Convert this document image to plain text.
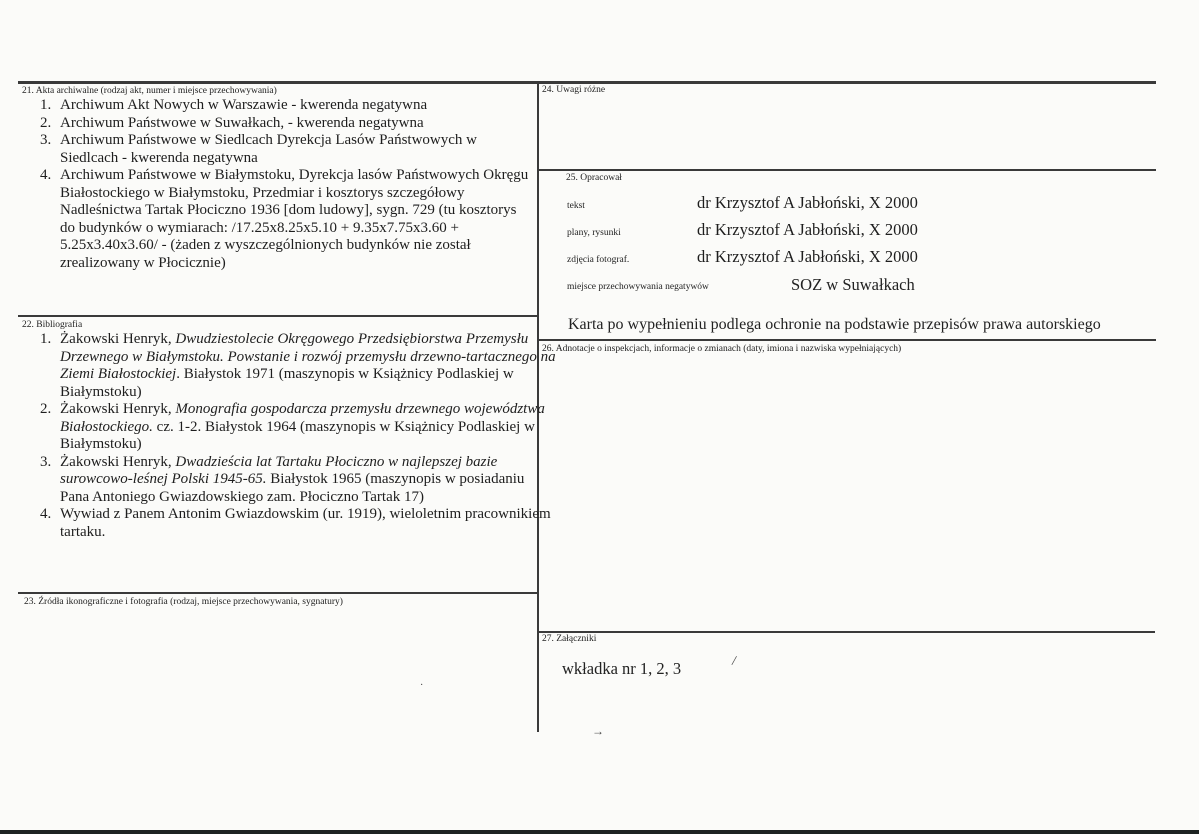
21. Akta archiwalne (rodzaj akt, numer i miejsce przechowywania)
1. Archiwum Akt Nowych w Warszawie - kwerenda negatywna
2. Archiwum Państwowe w Suwałkach, - kwerenda negatywna
3. Archiwum Państwowe w Siedlcach Dyrekcja Lasów Państwowych w Siedlcach - kwerenda negatywna
4. Archiwum Państwowe w Białymstoku, Dyrekcja lasów Państwowych Okręgu Białostockiego w Białymstoku, Przedmiar i kosztorys szczegółowy Nadleśnictwa Tartak Płociczno 1936 [dom ludowy], sygn. 729 (tu kosztorys do budynków o wymiarach: /17.25x8.25x5.10 + 9.35x7.75x3.60 + 5.25x3.40x3.60/ - (żaden z wyszczególnionych budynków nie został zrealizowany w Płocicznie)
22. Bibliografia
1. Żakowski Henryk, Dwudziestolecie Okręgowego Przedsiębiorstwa Przemysłu Drzewnego w Białymstoku. Powstanie i rozwój przemysłu drzewno-tartacznego na Ziemi Białostockiej. Białystok 1971 (maszynopis w Książnicy Podlaskiej w Białymstoku)
2. Żakowski Henryk, Monografia gospodarcza przemysłu drzewnego województwa Białostockiego. cz. 1-2. Białystok 1964 (maszynopis w Książnicy Podlaskiej w Białymstoku)
3. Żakowski Henryk, Dwadzieścia lat Tartaku Płociczno w najlepszej bazie surowcowo-leśnej Polski 1945-65. Białystok 1965 (maszynopis w posiadaniu Pana Antoniego Gwiazdowskiego zam. Płociczno Tartak 17)
4. Wywiad z Panem Antonim Gwiazdowskim (ur. 1919), wieloletnim pracownikiem tartaku.
23. Źródła ikonograficzne i fotografia (rodzaj, miejsce przechowywania, sygnatury)
·
24. Uwagi różne
25. Opracował
tekst	dr Krzysztof A Jabłoński, X 2000
plany, rysunki	dr Krzysztof A Jabłoński, X 2000
zdjęcia fotograf.	dr Krzysztof A Jabłoński, X 2000
miejsce przechowywania negatywów	SOZ w Suwałkach
Karta po wypełnieniu podlega ochronie na podstawie przepisów prawa autorskiego
26. Adnotacje o inspekcjach, informacje o zmianach (daty, imiona i nazwiska wypełniających)
27. Załączniki
wkładka nr 1, 2, 3	/
→
